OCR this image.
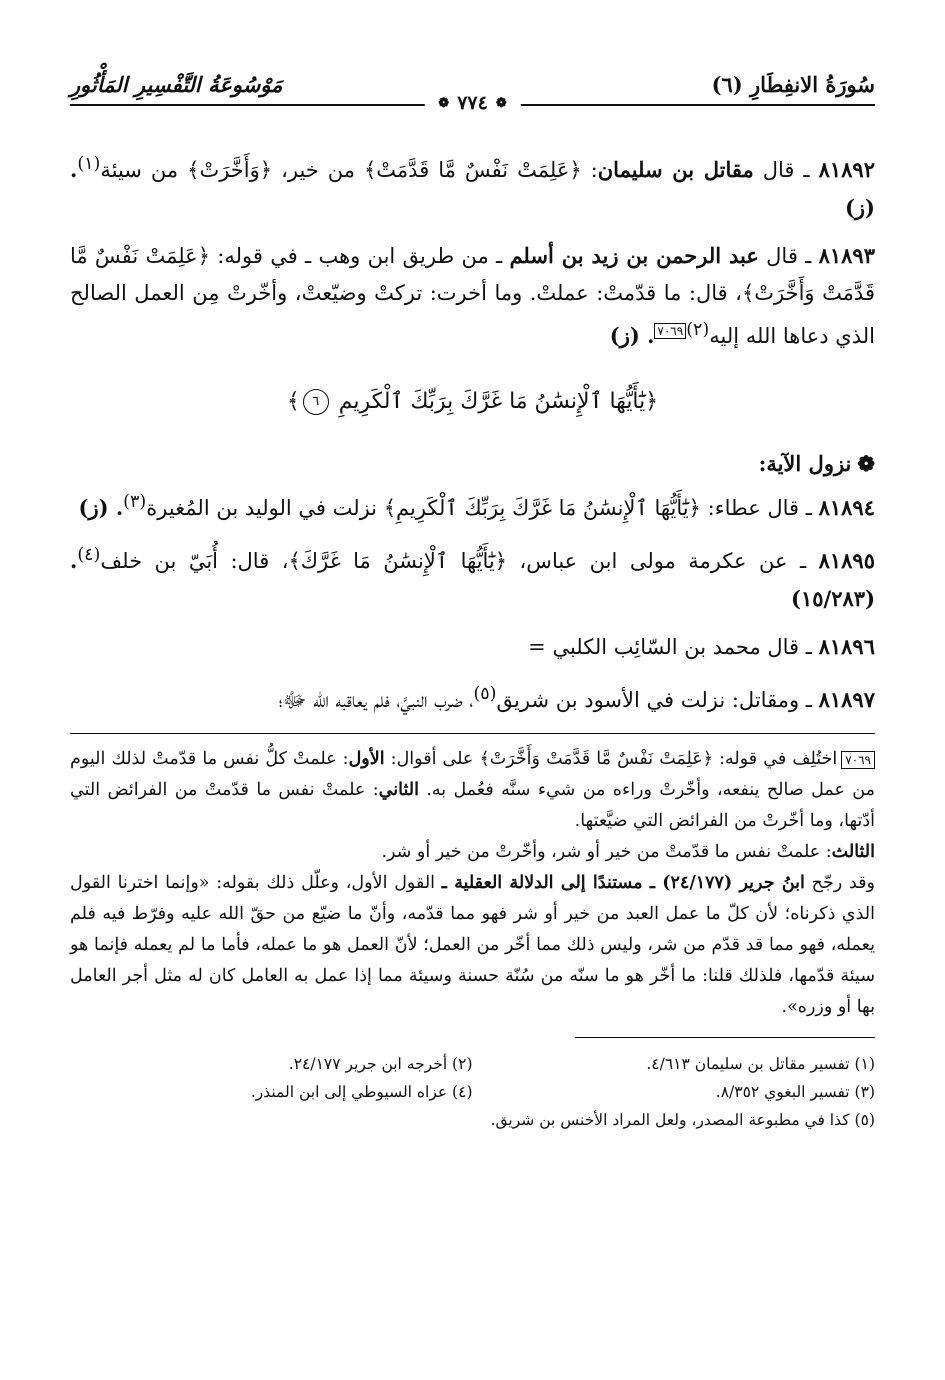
سُورَةُ الانفِطَارِ (٦)
مَوْسُوعَةُ التَّفْسِيرِ المَأْثُورِ
❁
٧٧٤
❁

٨١٨٩٢ ـ قال مقاتل بن سليمان: ﴿عَلِمَتْ نَفْسٌ مَّا قَدَّمَتْ﴾ من خير، ﴿وَأَخَّرَتْ﴾ من سيئة$^{(١)}$. (ز)

٨١٨٩٣ ـ قال عبد الرحمن بن زيد بن أسلم ـ من طريق ابن وهب ـ في قوله: ﴿عَلِمَتْ نَفْسٌ مَّا قَدَّمَتْ وَأَخَّرَتْ﴾، قال: ما قدّمتْ: عملتْ. وما أخرت: تركتْ وضيّعتْ، وأخّرتْ مِن العمل الصالح الذي دعاها الله إليه$^{(٢)}$٧٠٦٩. (ز)

﴿يَٰٓأَيُّهَا ٱلْإِنسَٰنُ مَا غَرَّكَ بِرَبِّكَ ٱلْكَرِيمِ ٦﴾

❁نزول الآية:

٨١٨٩٤ ـ قال عطاء: ﴿يَٰٓأَيُّهَا ٱلْإِنسَٰنُ مَا غَرَّكَ بِرَبِّكَ ٱلْكَرِيمِ﴾ نزلت في الوليد بن المُغيرة$^{(٣)}$. (ز)

٨١٨٩٥ ـ عن عكرمة مولى ابن عباس، ﴿يَٰٓأَيُّهَا ٱلْإِنسَٰنُ مَا غَرَّكَ﴾، قال: أُبَيّ بن خلف$^{(٤)}$. (١٥/٢٨٣)

٨١٨٩٦ ـ قال محمد بن السّائِب الكلبي =

٨١٨٩٧ ـ ومقاتل: نزلت في الأسود بن شريق$^{(٥)}$، ضرب النبيَّ، فلم يعاقبه الله ﷻ؛

٧٠٦٩اختُلِف في قوله: ﴿عَلِمَتْ نَفْسٌ مَّا قَدَّمَتْ وَأَخَّرَتْ﴾ على أقوال: الأول: علمتْ كلُّ نفس ما قدّمتْ لذلك اليوم من عمل صالح ينفعه، وأخّرتْ وراءه من شيء سنَّه فعُمل به. الثاني: علمتْ نفس ما قدّمتْ من الفرائض التي أدّتها، وما أخّرتْ من الفرائض التي ضيَّعتها.

الثالث: علمتْ نفس ما قدّمتْ من خير أو شر، وأخّرتْ من خير أو شر.

وقد رجّح ابنُ جرير (٢٤/١٧٧) ـ مستندًا إلى الدلالة العقلية ـ القول الأول، وعلّل ذلك بقوله: «وإنما اخترنا القول الذي ذكرناه؛ لأن كلّ ما عمل العبد من خير أو شر فهو مما قدّمه، وأنّ ما ضيّع من حقّ الله عليه وفرّط فيه فلم يعمله، فهو مما قد قدّم من شر، وليس ذلك مما أخّر من العمل؛ لأنّ العمل هو ما عمله، فأما ما لم يعمله فإنما هو سيئة قدّمها، فلذلك قلنا: ما أخّر هو ما سنّه من سُنّة حسنة وسيئة مما إذا عمل به العامل كان له مثل أجر العامل بها أو وزره».

(١) تفسير مقاتل بن سليمان ٤/٦١٣.
(٢) أخرجه ابن جرير ٢٤/١٧٧.
(٣) تفسير البغوي ٨/٣٥٢.
(٤) عزاه السيوطي إلى ابن المنذر.
(٥) كذا في مطبوعة المصدر، ولعل المراد الأخنس بن شريق.
